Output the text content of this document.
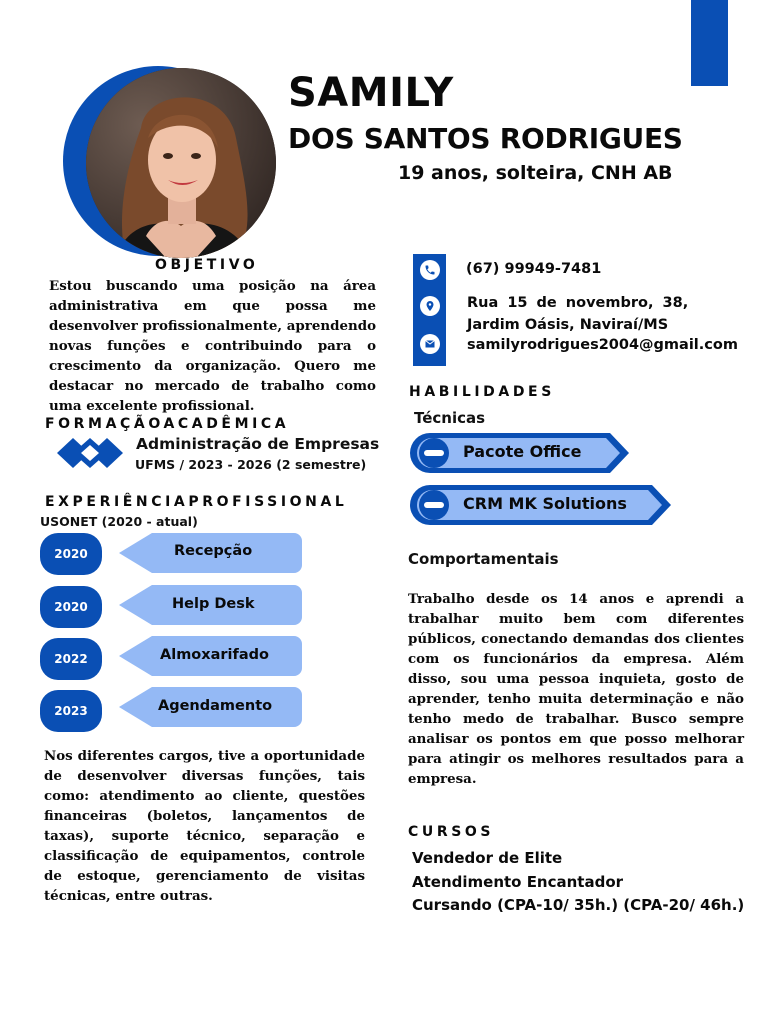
SAMILY
DOS SANTOS RODRIGUES
19 anos, solteira, CNH AB
OBJETIVO
Estou buscando uma posição na área administrativa em que possa me desenvolver profissionalmente, aprendendo novas funções e contribuindo para o crescimento da organização. Quero me destacar no mercado de trabalho como uma excelente profissional.
FORMAÇÃOACADÊMICA
Administração de Empresas
UFMS / 2023 - 2026 (2 semestre)
EXPERIÊNCIAPROFISSIONAL
USONET (2020 - atual)
2020	Recepção
2020	Help Desk
2022	Almoxarifado
2023	Agendamento
Nos diferentes cargos, tive a oportunidade de desenvolver diversas funções, tais como: atendimento ao cliente, questões financeiras (boletos, lançamentos de taxas), suporte técnico, separação e classificação de equipamentos, controle de estoque, gerenciamento de visitas técnicas, entre outras.
(67) 99949-7481
Rua 15 de novembro, 38,
Jardim Oásis, Naviraí/MS
samilyrodrigues2004@gmail.com
HABILIDADES
Técnicas
Pacote Office
CRM MK Solutions
Comportamentais
Trabalho desde os 14 anos e aprendi a trabalhar muito bem com diferentes públicos, conectando demandas dos clientes com os funcionários da empresa. Além disso, sou uma pessoa inquieta, gosto de aprender, tenho muita determinação e não tenho medo de trabalhar. Busco sempre analisar os pontos em que posso melhorar para atingir os melhores resultados para a empresa.
CURSOS
Vendedor de Elite
Atendimento Encantador
Cursando (CPA-10/ 35h.) (CPA-20/ 46h.)
